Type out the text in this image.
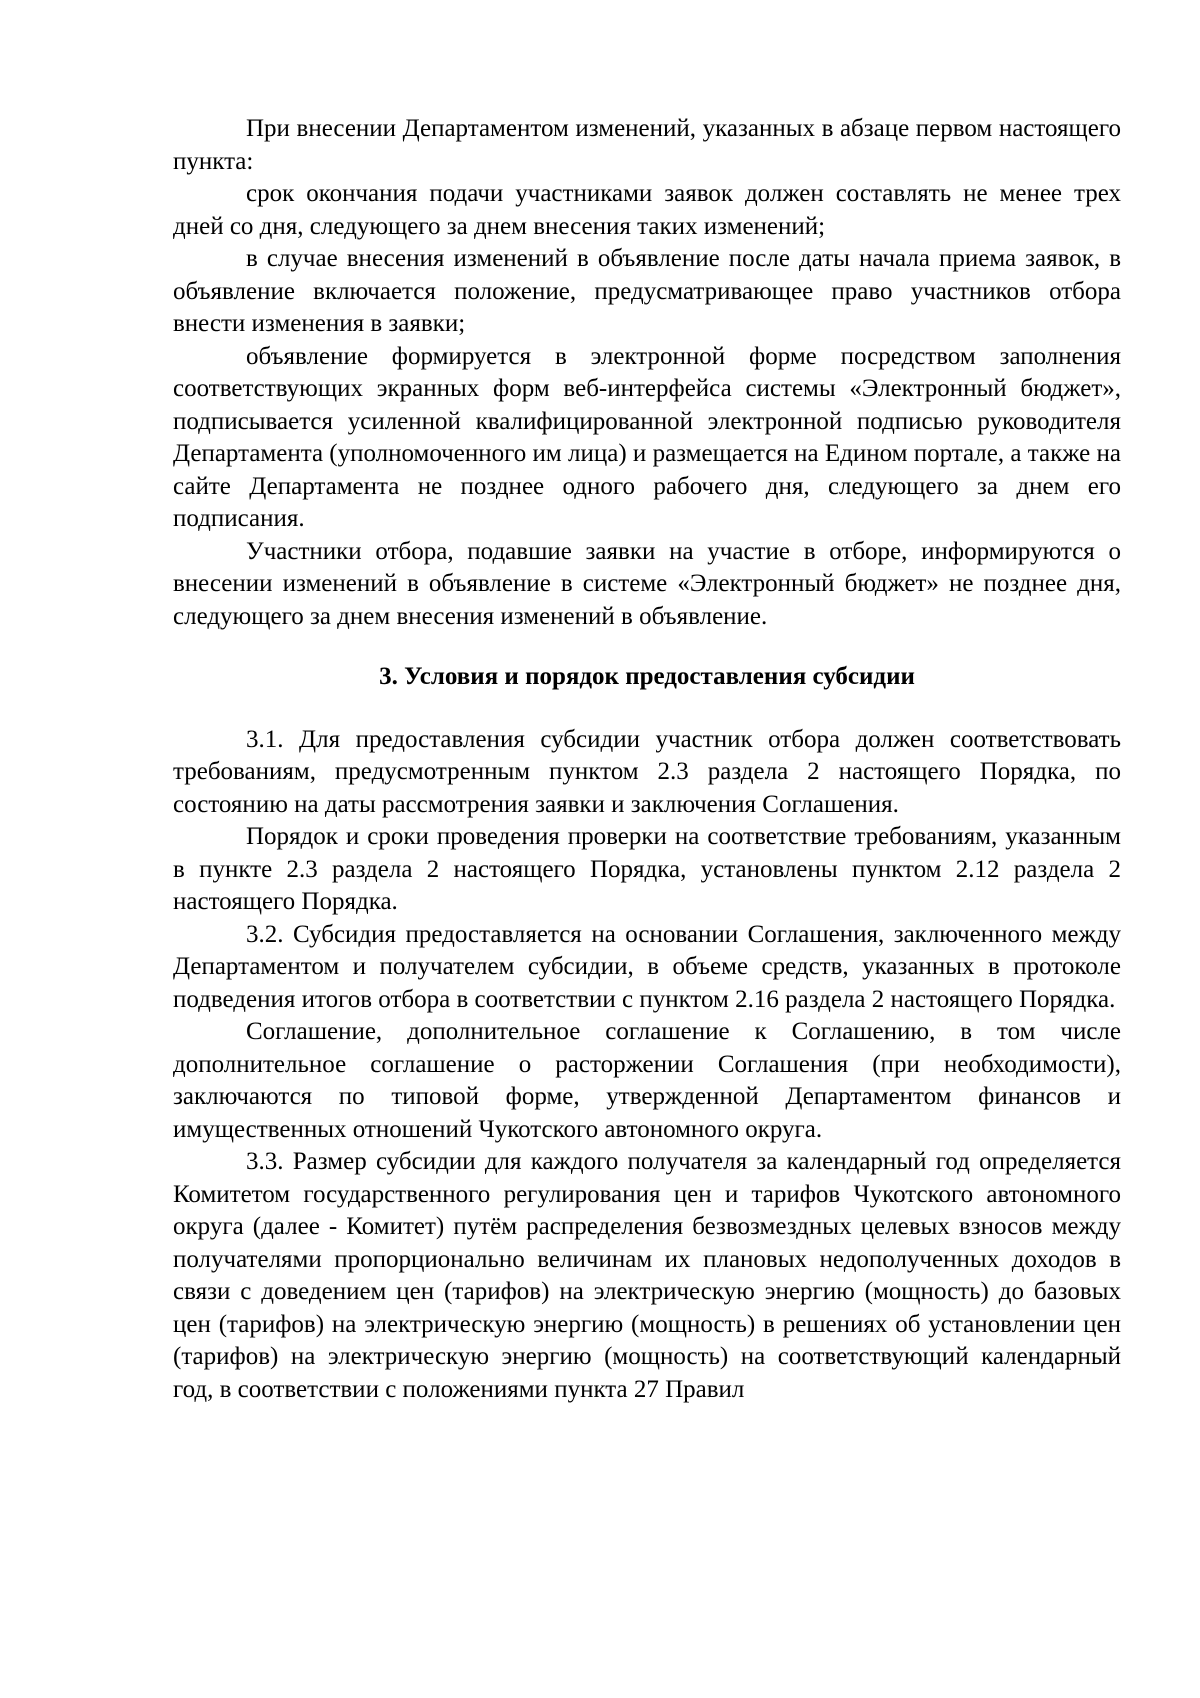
При внесении Департаментом изменений, указанных в абзаце первом настоящего пункта:

срок окончания подачи участниками заявок должен составлять не менее трех дней со дня, следующего за днем внесения таких изменений;

в случае внесения изменений в объявление после даты начала приема заявок, в объявление включается положение, предусматривающее право участников отбора внести изменения в заявки;

объявление формируется в электронной форме посредством заполнения соответствующих экранных форм веб-интерфейса системы «Электронный бюджет», подписывается усиленной квалифицированной электронной подписью руководителя Департамента (уполномоченного им лица) и размещается на Едином портале, а также на сайте Департамента не позднее одного рабочего дня, следующего за днем его подписания.

Участники отбора, подавшие заявки на участие в отборе, информируются о внесении изменений в объявление в системе «Электронный бюджет» не позднее дня, следующего за днем внесения изменений в объявление.

3. Условия и порядок предоставления субсидии

3.1. Для предоставления субсидии участник отбора должен соответствовать требованиям, предусмотренным пунктом 2.3 раздела 2 настоящего Порядка, по состоянию на даты рассмотрения заявки и заключения Соглашения.

Порядок и сроки проведения проверки на соответствие требованиям, указанным в пункте 2.3 раздела 2 настоящего Порядка, установлены пунктом 2.12 раздела 2 настоящего Порядка.

3.2. Субсидия предоставляется на основании Соглашения, заключенного между Департаментом и получателем субсидии, в объеме средств, указанных в протоколе подведения итогов отбора в соответствии с пунктом 2.16 раздела 2 настоящего Порядка.

Соглашение, дополнительное соглашение к Соглашению, в том числе дополнительное соглашение о расторжении Соглашения (при необходимости), заключаются по типовой форме, утвержденной Департаментом финансов и имущественных отношений Чукотского автономного округа.

3.3. Размер субсидии для каждого получателя за календарный год определяется Комитетом государственного регулирования цен и тарифов Чукотского автономного округа (далее - Комитет) путём распределения безвозмездных целевых взносов между получателями пропорционально величинам их плановых недополученных доходов в связи с доведением цен (тарифов) на электрическую энергию (мощность) до базовых цен (тарифов) на электрическую энергию (мощность) в решениях об установлении цен (тарифов) на электрическую энергию (мощность) на соответствующий календарный год, в соответствии с положениями пункта 27 Правил
